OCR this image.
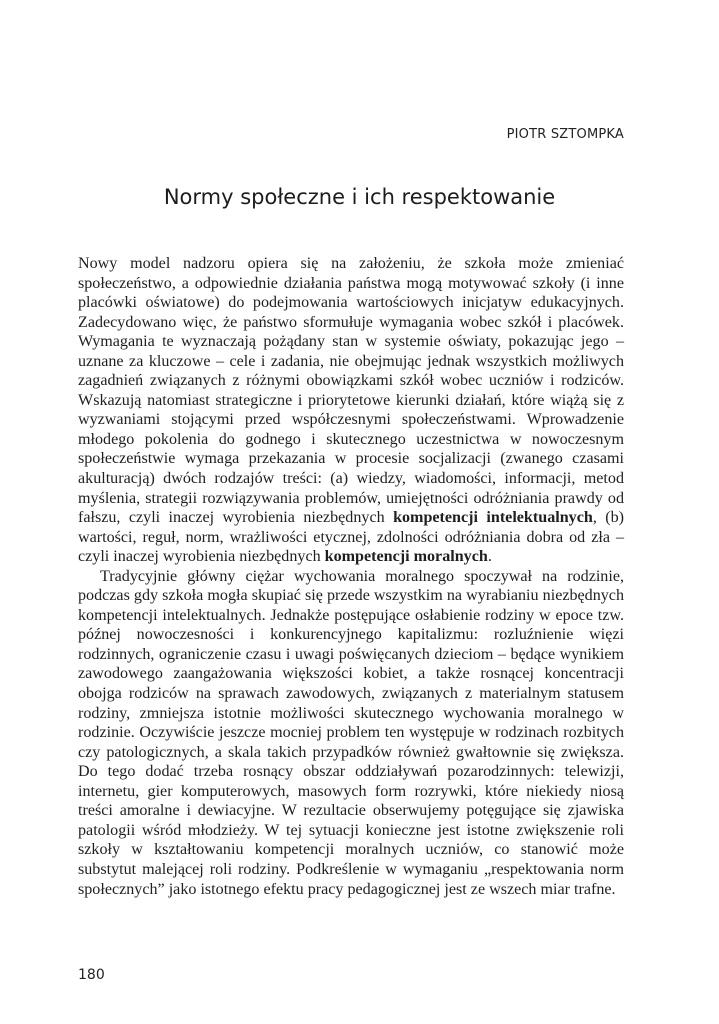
PIOTR SZTOMPKA
Normy społeczne i ich respektowanie

Nowy model nadzoru opiera się na założeniu, że szkoła może zmieniać społeczeństwo, a odpowiednie działania państwa mogą motywować szkoły (i inne placówki oświatowe) do podejmowania wartościowych inicjatyw edukacyjnych. Zadecydowano więc, że państwo sformułuje wymagania wobec szkół i placówek. Wymagania te wyznaczają pożądany stan w systemie oświaty, pokazując jego – uznane za kluczowe – cele i zadania, nie obejmując jednak wszystkich możliwych zagadnień związanych z różnymi obowiązkami szkół wobec uczniów i rodziców. Wskazują natomiast strategiczne i priorytetowe kierunki działań, które wiążą się z wyzwaniami stojącymi przed współczesnymi społeczeństwami. Wprowadzenie młodego pokolenia do godnego i skutecznego uczestnictwa w nowoczesnym społeczeństwie wymaga przekazania w procesie socjalizacji (zwanego czasami akulturacją) dwóch rodzajów treści: (a) wiedzy, wiadomości, informacji, metod myślenia, strategii rozwiązywania problemów, umiejętności odróżniania prawdy od fałszu, czyli inaczej wyrobienia niezbędnych kompetencji intelektualnych, (b) wartości, reguł, norm, wrażliwości etycznej, zdolności odróżniania dobra od zła – czyli inaczej wyrobienia niezbędnych kompetencji moralnych.

Tradycyjnie główny ciężar wychowania moralnego spoczywał na rodzinie, podczas gdy szkoła mogła skupiać się przede wszystkim na wyrabianiu niezbędnych kompetencji intelektualnych. Jednakże postępujące osłabienie rodziny w epoce tzw. późnej nowoczesności i konkurencyjnego kapitalizmu: rozluźnienie więzi rodzinnych, ograniczenie czasu i uwagi poświęcanych dzieciom – będące wynikiem zawodowego zaangażowania większości kobiet, a także rosnącej koncentracji obojga rodziców na sprawach zawodowych, związanych z materialnym statusem rodziny, zmniejsza istotnie możliwości skutecznego wychowania moralnego w rodzinie. Oczywiście jeszcze mocniej problem ten występuje w rodzinach rozbitych czy patologicznych, a skala takich przypadków również gwałtownie się zwiększa. Do tego dodać trzeba rosnący obszar oddziaływań pozarodzinnych: telewizji, internetu, gier komputerowych, masowych form rozrywki, które niekiedy niosą treści amoralne i dewiacyjne. W rezultacie obserwujemy potęgujące się zjawiska patologii wśród młodzieży. W tej sytuacji konieczne jest istotne zwiększenie roli szkoły w kształtowaniu kompetencji moralnych uczniów, co stanowić może substytut malejącej roli rodziny. Podkreślenie w wymaganiu „respektowania norm społecznych” jako istotnego efektu pracy pedagogicznej jest ze wszech miar trafne.

180
